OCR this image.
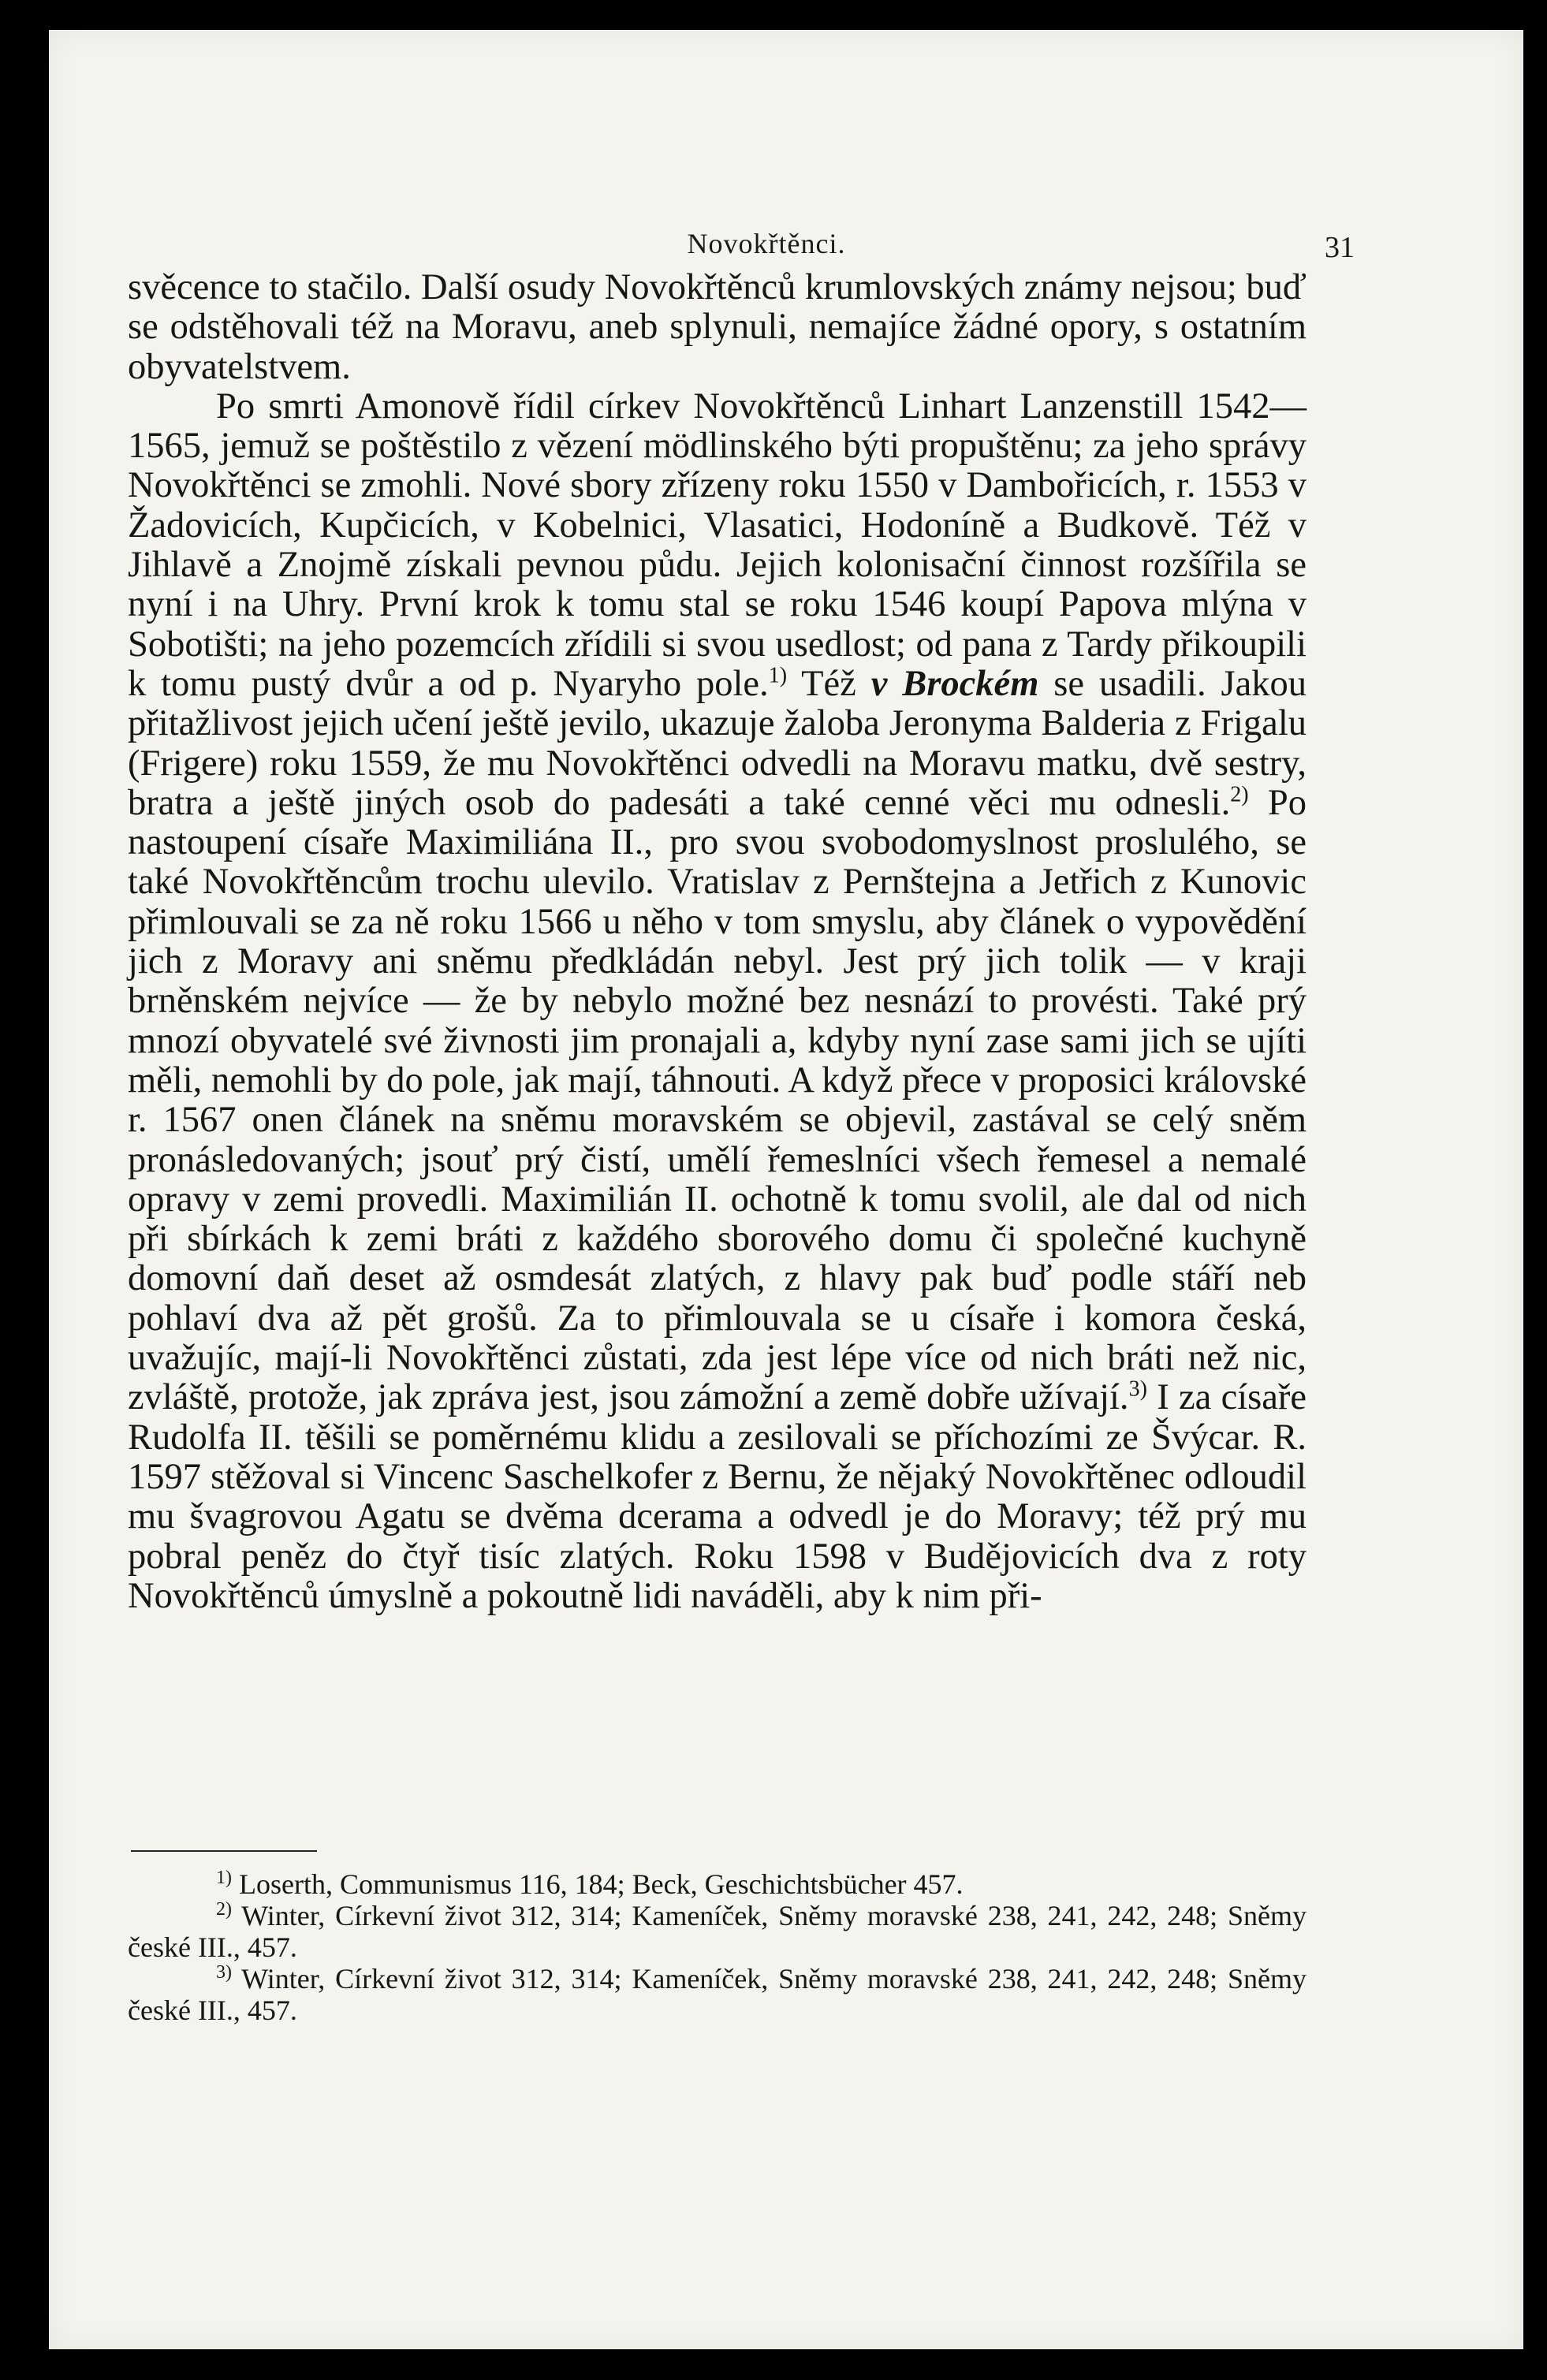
Novokřtěnci.	31

svěcence to stačilo. Další osudy Novokřtěnců krumlovských známy nejsou; buď se odstěhovali též na Moravu, aneb splynuli, nemajíce žádné opory, s ostatním obyvatelstvem.

Po smrti Amonově řídil církev Novokřtěnců Linhart Lanzenstill 1542—1565, jemuž se poštěstilo z vězení mödlinského býti propuštěnu; za jeho správy Novokřtěnci se zmohli. Nové sbory zřízeny roku 1550 v Dambořicích, r. 1553 v Žadovicích, Kupčicích, v Kobelnici, Vlasatici, Hodoníně a Budkově. Též v Jihlavě a Znojmě získali pevnou půdu. Jejich kolonisační činnost rozšířila se nyní i na Uhry. První krok k tomu stal se roku 1546 koupí Papova mlýna v Sobotišti; na jeho pozemcích zřídili si svou usedlost; od pana z Tardy přikoupili k tomu pustý dvůr a od p. Nyaryho pole.$^{1)}$ Též v Brockém se usadili. Jakou přitažlivost jejich učení ještě jevilo, ukazuje žaloba Jeronyma Balderia z Frigalu (Frigere) roku 1559, že mu Novokřtěnci odvedli na Moravu matku, dvě sestry, bratra a ještě jiných osob do padesáti a také cenné věci mu odnesli.$^{2)}$ Po nastoupení císaře Maximiliána II., pro svou svobodomyslnost proslulého, se také Novokřtěncům trochu ulevilo. Vratislav z Pernštejna a Jetřich z Kunovic přimlouvali se za ně roku 1566 u něho v tom smyslu, aby článek o vypovědění jich z Moravy ani sněmu předkládán nebyl. Jest prý jich tolik — v kraji brněnském nejvíce — že by nebylo možné bez nesnází to provésti. Také prý mnozí obyvatelé své živnosti jim pronajali a, kdyby nyní zase sami jich se ujíti měli, nemohli by do pole, jak mají, táhnouti. A když přece v proposici královské r. 1567 onen článek na sněmu moravském se objevil, zastával se celý sněm pronásledovaných; jsouť prý čistí, umělí řemeslníci všech řemesel a nemalé opravy v zemi provedli. Maximilián II. ochotně k tomu svolil, ale dal od nich při sbírkách k zemi bráti z každého sborového domu či společné kuchyně domovní daň deset až osmdesát zlatých, z hlavy pak buď podle stáří neb pohlaví dva až pět grošů. Za to přimlouvala se u císaře i komora česká, uvažujíc, mají-li Novokřtěnci zůstati, zda jest lépe více od nich bráti než nic, zvláště, protože, jak zpráva jest, jsou zámožní a země dobře užívají.$^{3)}$ I za císaře Rudolfa II. těšili se poměrnému klidu a zesilovali se příchozími ze Švýcar. R. 1597 stěžoval si Vincenc Saschelkofer z Bernu, že nějaký Novokřtěnec odloudil mu švagrovou Agatu se dvěma dcerama a odvedl je do Moravy; též prý mu pobral peněz do čtyř tisíc zlatých. Roku 1598 v Budějovicích dva z roty Novokřtěnců úmyslně a pokoutně lidi naváděli, aby k nim při-

$^{1)}$ Loserth, Communismus 116, 184; Beck, Geschichtsbücher 457.

$^{2)}$ Winter, Církevní život 312, 314; Kameníček, Sněmy moravské 238, 241, 242, 248; Sněmy české III., 457.

$^{3)}$ Winter, Církevní život 312, 314; Kameníček, Sněmy moravské 238, 241, 242, 248; Sněmy české III., 457.
